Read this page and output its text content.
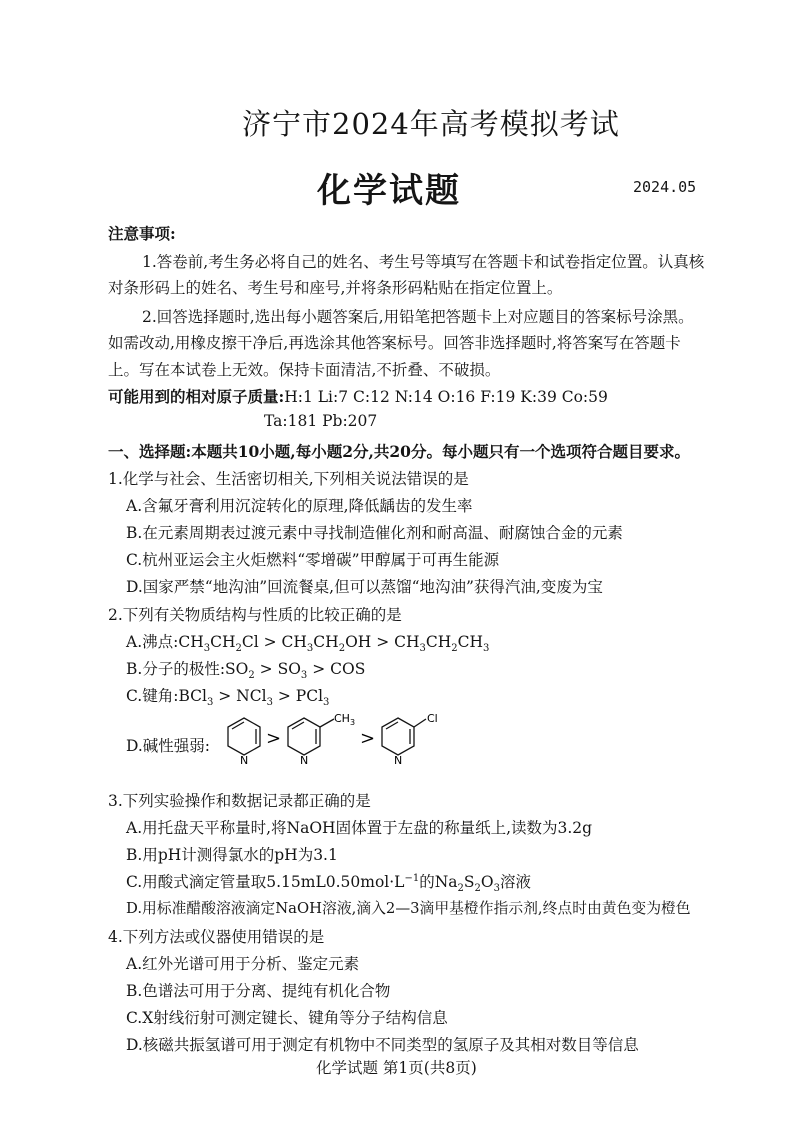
济宁市2024年高考模拟考试
化学试题	2024.05
注意事项:
1.答卷前,考生务必将自己的姓名、考生号等填写在答题卡和试卷指定位置。认真核
对条形码上的姓名、考生号和座号,并将条形码粘贴在指定位置上。
2.回答选择题时,选出每小题答案后,用铅笔把答题卡上对应题目的答案标号涂黑。
如需改动,用橡皮擦干净后,再选涂其他答案标号。回答非选择题时,将答案写在答题卡
上。写在本试卷上无效。保持卡面清洁,不折叠、不破损。
可能用到的相对原子质量:H:1 Li:7 C:12 N:14 O:16 F:19 K:39 Co:59
Ta:181 Pb:207
一、选择题:本题共10小题,每小题2分,共20分。每小题只有一个选项符合题目要求。
1.化学与社会、生活密切相关,下列相关说法错误的是
A.含氟牙膏利用沉淀转化的原理,降低龋齿的发生率
B.在元素周期表过渡元素中寻找制造催化剂和耐高温、耐腐蚀合金的元素
C.杭州亚运会主火炬燃料“零增碳”甲醇属于可再生能源
D.国家严禁“地沟油”回流餐桌,但可以蒸馏“地沟油”获得汽油,变废为宝
2.下列有关物质结构与性质的比较正确的是
A.沸点$:CH_3CH_2Cl > CH_3CH_2OH > CH_3CH_2CH_3$
B.分子的极性$:SO_2 > SO_3$ > COS
C.键角:BCl$_3$ > NCl$_3$ > PCl$_3$
D.碱性强弱:
N
>
N
$CH_3$
>
N
Cl
3.下列实验操作和数据记录都正确的是
A.用托盘天平称量时,将NaOH固体置于左盘的称量纸上,读数为3.2g
B.用pH计测得氯水的pH为3.1
C.用酸式滴定管量取$5.15mL0.50mol\cdot L^{-1}$的$Na_2S_2O_3$溶液
D.用标准醋酸溶液滴定NaOH溶液,滴入2—3滴甲基橙作指示剂,终点时由黄色变为橙色
4.下列方法或仪器使用错误的是
A.红外光谱可用于分析、鉴定元素
B.色谱法可用于分离、提纯有机化合物
C.X射线衍射可测定键长、键角等分子结构信息
D.核磁共振氢谱可用于测定有机物中不同类型的氢原子及其相对数目等信息
化学试题 第1页(共8页)
